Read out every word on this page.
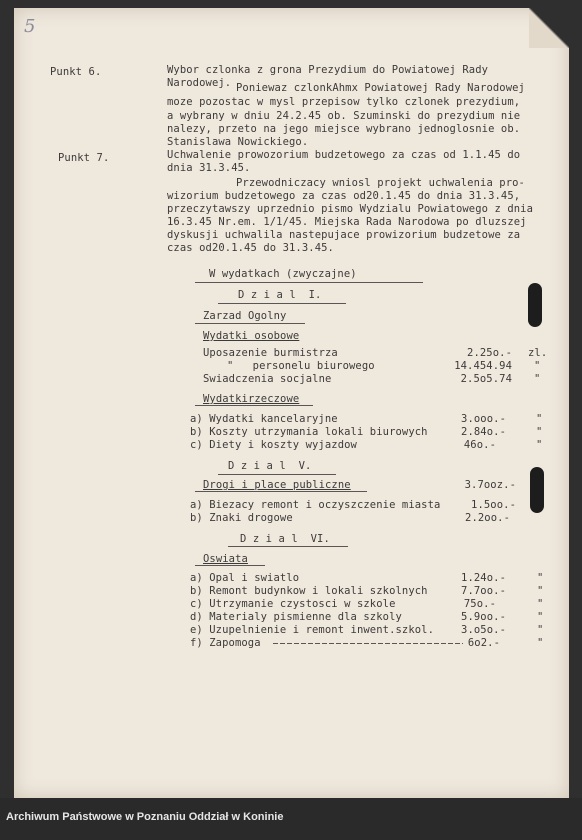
5
Punkt 6.	Wybor czlonka z grona Prezydium do Powiatowej Rady
Narodowej. Poniewaz czlonkAhmx Powiatowej Rady Narodowej
moze pozostac w mysl przepisow tylko czlonek prezydium,
a wybrany w dniu 24.2.45 ob. Szuminski do prezydium nie
nalezy, przeto na jego miejsce wybrano jednoglosnie ob.
Stanislawa Nowickiego.
Punkt 7.	Uchwalenie prowozorium budzetowego za czas od 1.1.45 do
dnia 31.3.45.
Przewodniczacy wniosl projekt uchwalenia pro-
wizorium budzetowego za czas od20.1.45 do dnia 31.3.45,
przeczytawszy uprzednio pismo Wydzialu Powiatowego z dnia
16.3.45 Nr.em. 1/1/45. Miejska Rada Narodowa po dluzszej
dyskusji uchwalila nastepujace prowizorium budzetowe za
czas od20.1.45 do 31.3.45.
W wydatkach (zwyczajne)
D z i a l  I.
Zarzad Ogolny
Wydatki osobowe
Uposazenie burmistrza	2.25o.- zl.
"   personelu biurowego	14.454.94 "
Swiadczenia socjalne	2.5o5.74 "
Wydatkirzeczowe
a) Wydatki kancelaryjne	3.ooo.-	"
b) Koszty utrzymania lokali biurowych	2.84o.-	"
c) Diety i koszty wyjazdow	46o.-	"
D z i a l  V.
Drogi i place publiczne	3.7ooz.-
a) Biezacy remont i oczyszczenie miasta	1.5oo.-
b) Znaki drogowe	2.2oo.-
D z i a l  VI.
Oswiata
a) Opal i swiatlo	1.24o.-	"
b) Remont budynkow i lokali szkolnych	7.7oo.-	"
c) Utrzymanie czystosci w szkole	75o.-	"
d) Materialy pismienne dla szkoly	5.9oo.-	"
e) Uzupelnienie i remont inwent.szkol.	3.o5o.-	"
f) Zapomoga	6o2.-	"
Archiwum Państwowe w Poznaniu Oddział w Koninie
